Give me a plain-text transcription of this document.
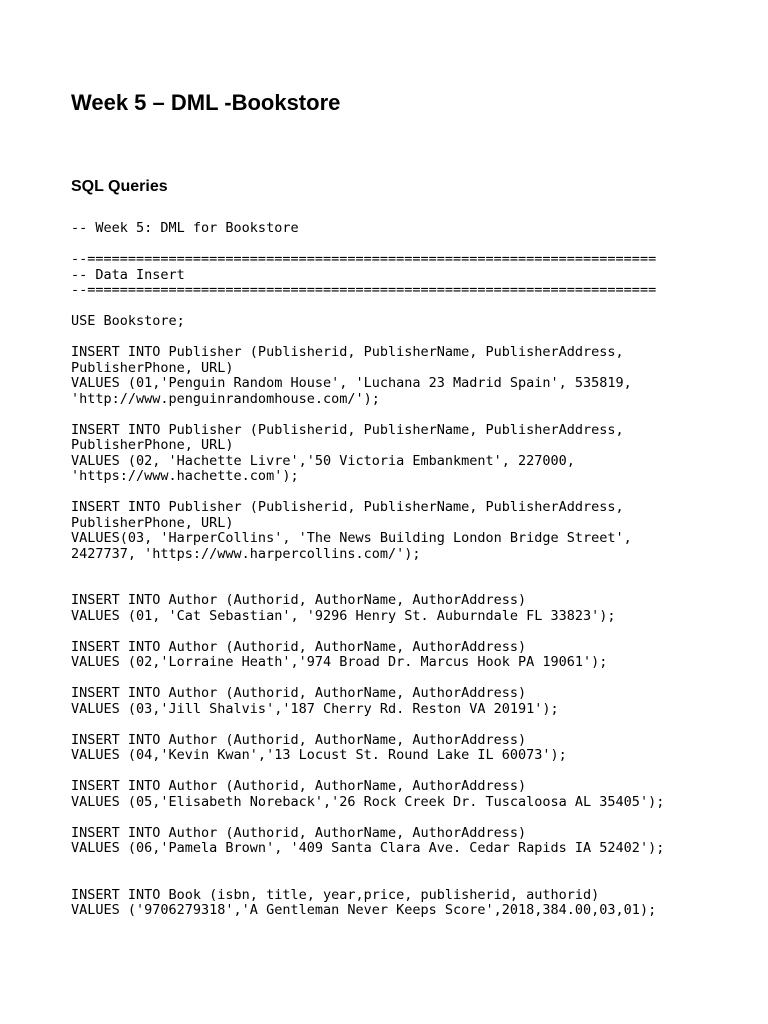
Week 5 – DML -Bookstore
SQL Queries
-- Week 5: DML for Bookstore
--======================================================================
-- Data Insert
--======================================================================
USE Bookstore;
INSERT INTO Publisher (Publisherid, PublisherName, PublisherAddress,
PublisherPhone, URL)
VALUES (01,'Penguin Random House', 'Luchana 23 Madrid Spain', 535819,
'http://www.penguinrandomhouse.com/');
INSERT INTO Publisher (Publisherid, PublisherName, PublisherAddress,
PublisherPhone, URL)
VALUES (02, 'Hachette Livre','50 Victoria Embankment', 227000,
'https://www.hachette.com');
INSERT INTO Publisher (Publisherid, PublisherName, PublisherAddress,
PublisherPhone, URL)
VALUES(03, 'HarperCollins', 'The News Building London Bridge Street',
2427737, 'https://www.harpercollins.com/');
INSERT INTO Author (Authorid, AuthorName, AuthorAddress)
VALUES (01, 'Cat Sebastian', '9296 Henry St. Auburndale FL 33823');
INSERT INTO Author (Authorid, AuthorName, AuthorAddress)
VALUES (02,'Lorraine Heath','974 Broad Dr. Marcus Hook PA 19061');
INSERT INTO Author (Authorid, AuthorName, AuthorAddress)
VALUES (03,'Jill Shalvis','187 Cherry Rd. Reston VA 20191');
INSERT INTO Author (Authorid, AuthorName, AuthorAddress)
VALUES (04,'Kevin Kwan','13 Locust St. Round Lake IL 60073');
INSERT INTO Author (Authorid, AuthorName, AuthorAddress)
VALUES (05,'Elisabeth Noreback','26 Rock Creek Dr. Tuscaloosa AL 35405');
INSERT INTO Author (Authorid, AuthorName, AuthorAddress)
VALUES (06,'Pamela Brown', '409 Santa Clara Ave. Cedar Rapids IA 52402');
INSERT INTO Book (isbn, title, year,price, publisherid, authorid)
VALUES ('9706279318','A Gentleman Never Keeps Score',2018,384.00,03,01);
